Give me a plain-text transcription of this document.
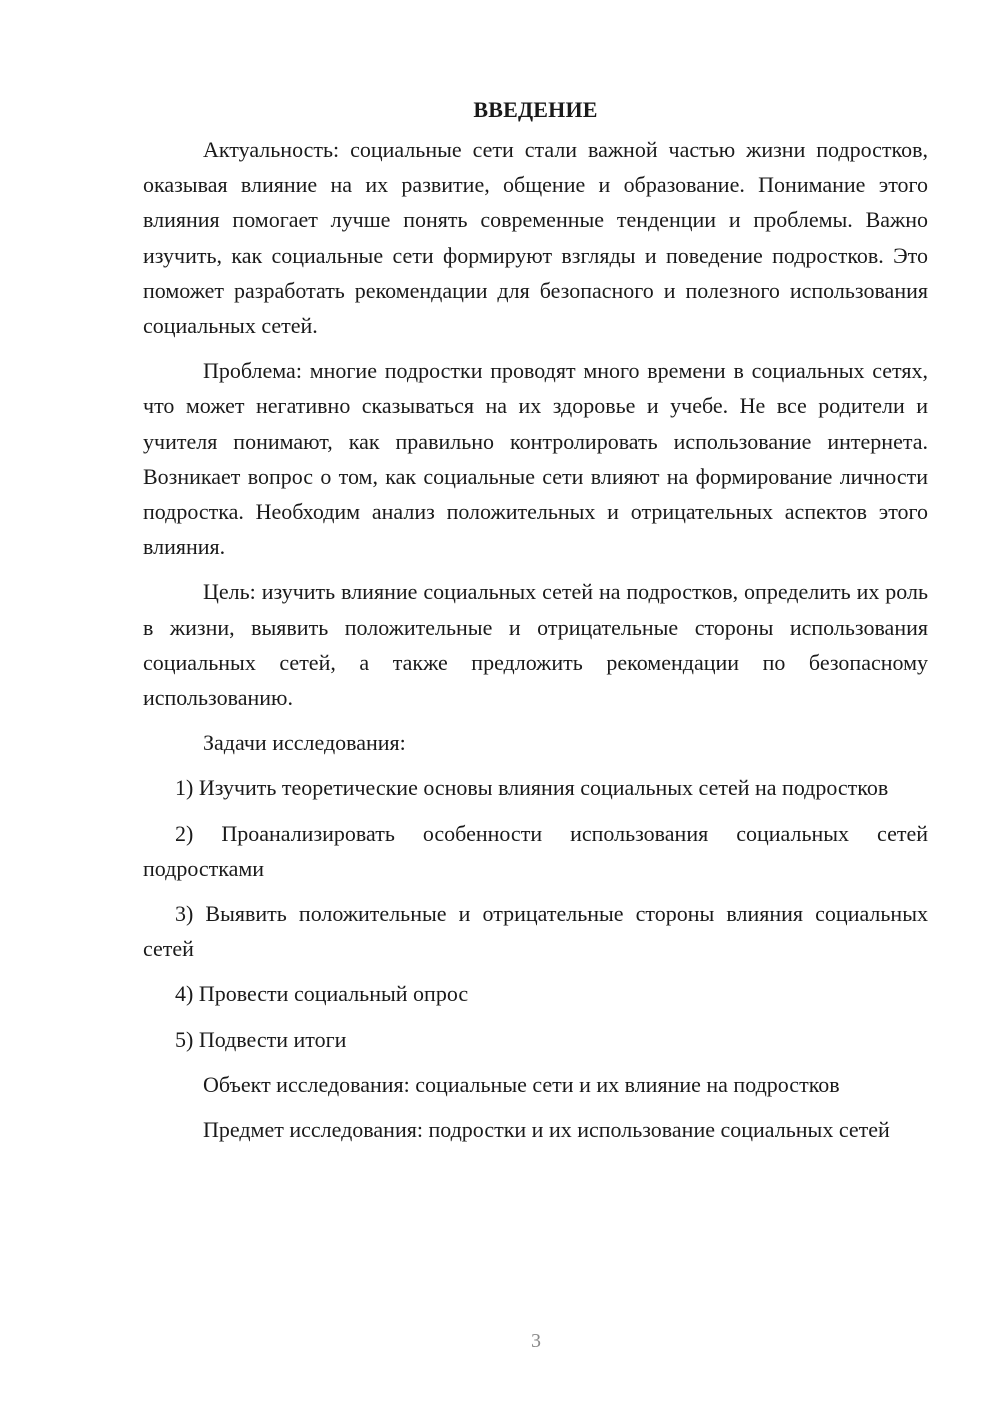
ВВЕДЕНИЕ

Актуальность: социальные сети стали важной частью жизни подростков, оказывая влияние на их развитие, общение и образование. Понимание этого влияния помогает лучше понять современные тенденции и проблемы. Важно изучить, как социальные сети формируют взгляды и поведение подростков. Это поможет разработать рекомендации для безопасного и полезного использования социальных сетей.

Проблема: многие подростки проводят много времени в социальных сетях, что может негативно сказываться на их здоровье и учебе. Не все родители и учителя понимают, как правильно контролировать использование интернета. Возникает вопрос о том, как социальные сети влияют на формирование личности подростка. Необходим анализ положительных и отрицательных аспектов этого влияния.

Цель: изучить влияние социальных сетей на подростков, определить их роль в жизни, выявить положительные и отрицательные стороны использования социальных сетей, а также предложить рекомендации по безопасному использованию.

Задачи исследования:

1) Изучить теоретические основы влияния социальных сетей на подростков

2) Проанализировать особенности использования социальных сетей подростками

3) Выявить положительные и отрицательные стороны влияния социальных сетей

4) Провести социальный опрос

5) Подвести итоги

Объект исследования: социальные сети и их влияние на подростков

Предмет исследования: подростки и их использование социальных сетей

3
